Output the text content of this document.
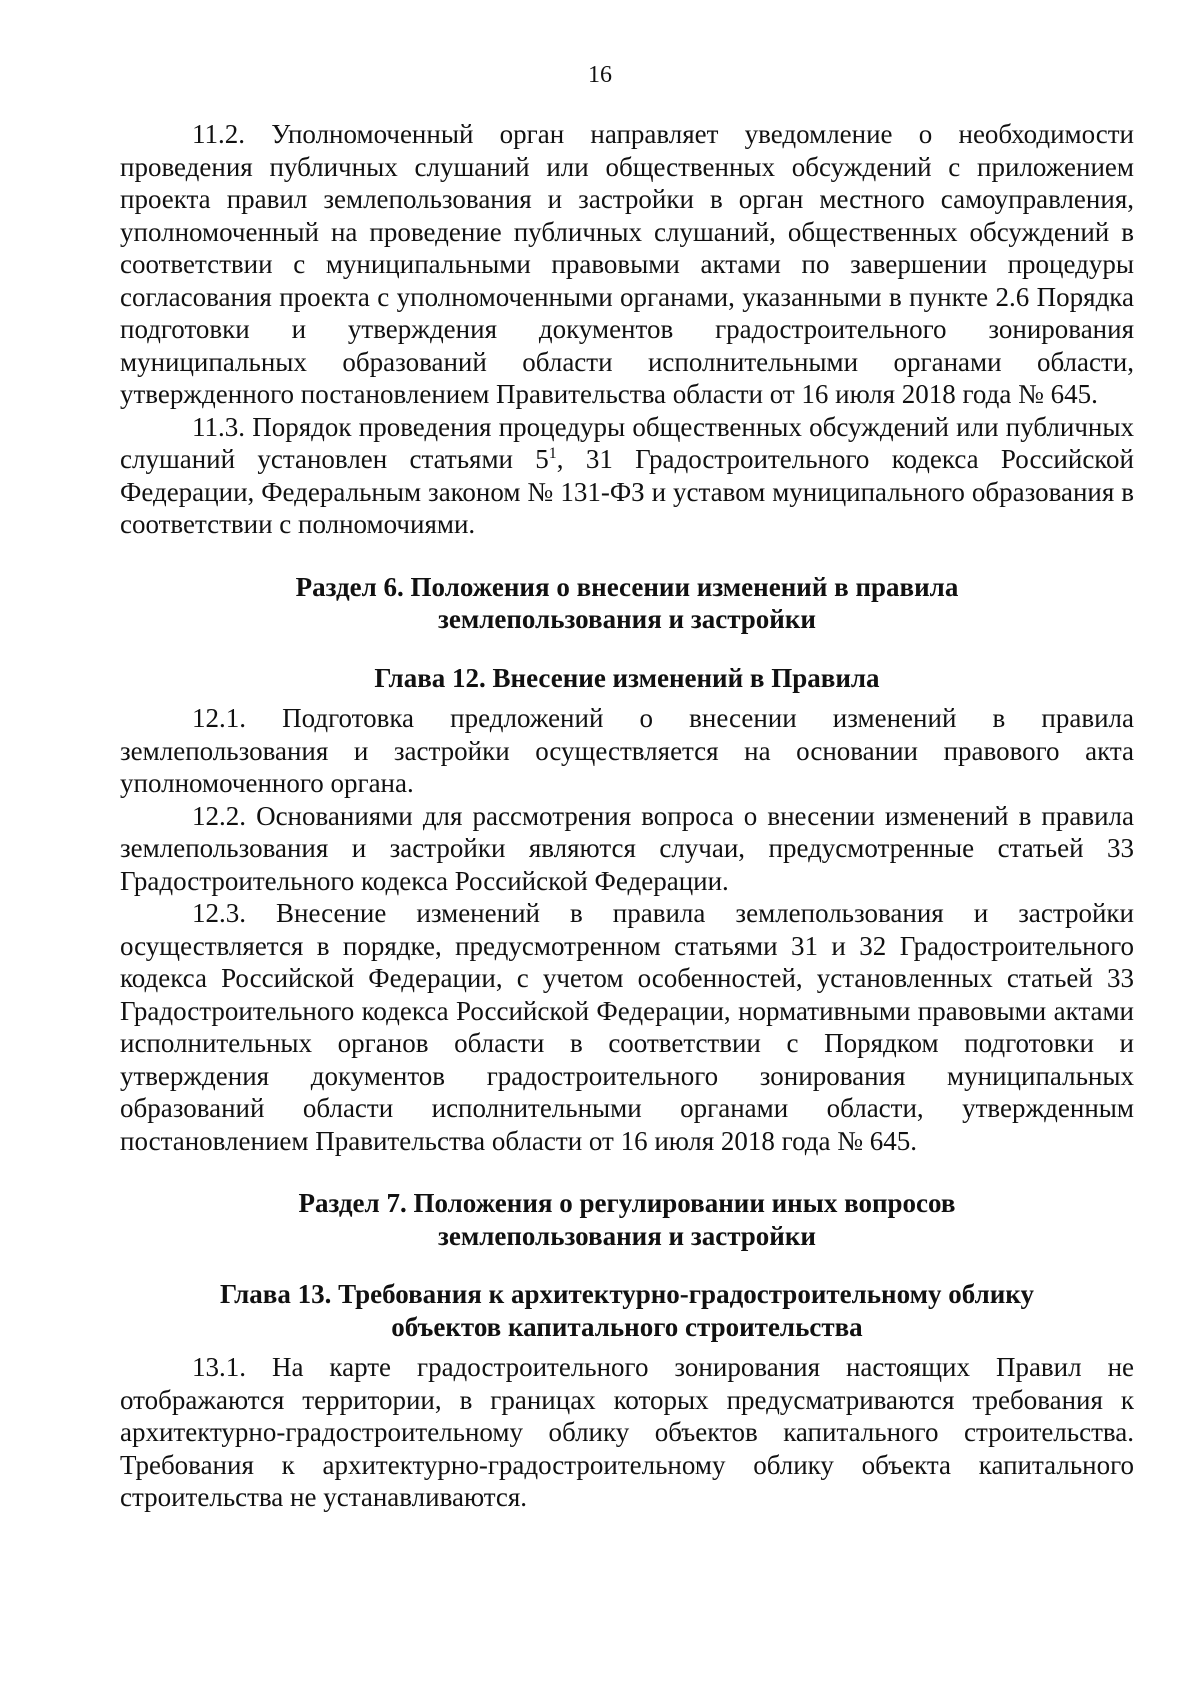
16

11.2. Уполномоченный орган направляет уведомление о необходимости проведения публичных слушаний или общественных обсуждений с приложением проекта правил землепользования и застройки в орган местного самоуправления, уполномоченный на проведение публичных слушаний, общественных обсуждений в соответствии с муниципальными правовыми актами по завершении процедуры согласования проекта с уполномоченными органами, указанными в пункте 2.6 Порядка подготовки и утверждения документов градостроительного зонирования муниципальных образований области исполнительными органами области, утвержденного постановлением Правительства области от 16 июля 2018 года № 645.

11.3. Порядок проведения процедуры общественных обсуждений или публичных слушаний установлен статьями $5^1$, 31 Градостроительного кодекса Российской Федерации, Федеральным законом № 131-ФЗ и уставом муниципального образования в соответствии с полномочиями.

Раздел 6. Положения о внесении изменений в правила
землепользования и застройки
Глава 12. Внесение изменений в Правила

12.1. Подготовка предложений о внесении изменений в правила землепользования и застройки осуществляется на основании правового акта уполномоченного органа.

12.2. Основаниями для рассмотрения вопроса о внесении изменений в правила землепользования и застройки являются случаи, предусмотренные статьей 33 Градостроительного кодекса Российской Федерации.

12.3. Внесение изменений в правила землепользования и застройки осуществляется в порядке, предусмотренном статьями 31 и 32 Градостроительного кодекса Российской Федерации, с учетом особенностей, установленных статьей 33 Градостроительного кодекса Российской Федерации, нормативными правовыми актами исполнительных органов области в соответствии с Порядком подготовки и утверждения документов градостроительного зонирования муниципальных образований области исполнительными органами области, утвержденным постановлением Правительства области от 16 июля 2018 года № 645.

Раздел 7. Положения о регулировании иных вопросов
землепользования и застройки
Глава 13. Требования к архитектурно-градостроительному облику
объектов капитального строительства

13.1. На карте градостроительного зонирования настоящих Правил не отображаются территории, в границах которых предусматриваются требования к архитектурно-градостроительному облику объектов капитального строительства. Требования к архитектурно-градостроительному облику объекта капитального строительства не устанавливаются.
